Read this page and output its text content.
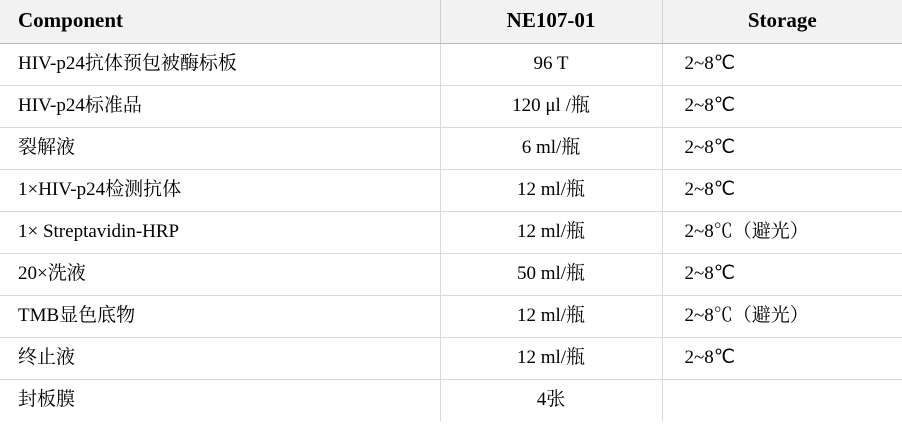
Component	NE107-01	Storage

HIV-p24抗体预包被酶标板	96 T	2~8℃

HIV-p24标准品	120 μl /瓶	2~8℃

裂解液	6 ml/瓶	2~8℃

1×HIV-p24检测抗体	12 ml/瓶	2~8℃

1× Streptavidin-HRP	12 ml/瓶	2~8℃（避光）

20×洗液	50 ml/瓶	2~8℃

TMB显色底物	12 ml/瓶	2~8℃（避光）

终止液	12 ml/瓶	2~8℃

封板膜	4张	
